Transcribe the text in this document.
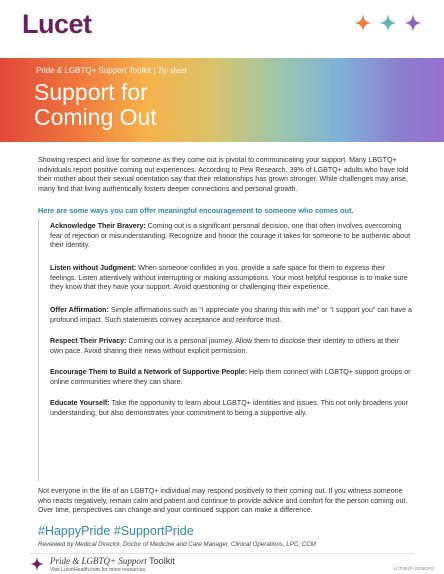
Lucet
Pride & LGBTQ+ Support Toolkit | Tip sheet
Support for
Coming Out
Showing respect and love for someone as they come out is pivotal to communicating your support. Many LBGTQ+ individuals report positive coming out experiences. According to Pew Research, 39% of LGBTQ+ adults who have told their mother about their sexual orientation say that their relationships has grown stronger. While challenges may arise, many find that living authentically fosters deeper connections and personal growth.
Here are some ways you can offer meaningful encouragement to someone who comes out.
Acknowledge Their Bravery: Coming out is a significant personal decision, one that often involves overcoming fear of rejection or misunderstanding. Recognize and honor the courage it takes for someone to be authentic about their identity.
Listen without Judgment: When someone confides in you, provide a safe space for them to express their feelings. Listen attentively without interrupting or making assumptions. Your most helpful response is to make sure they know that they have your support. Avoid questioning or challenging their experience.
Offer Affirmation: Simple affirmations such as “I appreciate you sharing this with me” or “I support you” can have a profound impact. Such statements convey acceptance and reinforce trust.
Respect Their Privacy: Coming out is a personal journey. Allow them to disclose their identity to others at their own pace. Avoid sharing their news without explicit permission.
Encourage Them to Build a Network of Supportive People: Help them connect with LGBTQ+ support groups or online communities where they can share.
Educate Yourself: Take the opportunity to learn about LGBTQ+ identities and issues. This not only broadens your understanding, but also demonstrates your commitment to being a supportive ally.
Not everyone in the life of an LGBTQ+ individual may respond positively to their coming out. If you witness someone who reacts negatively, remain calm and patient and continue to provide advice and comfort for the person coming out. Over time, perspectives can change and your continued support can make a difference.
#HappyPride #SupportPride
Reviewed by Medical Director, Doctor of Medicine and Care Manager, Clinical Operations, LPC, CCM
Pride & LGBTQ+ Support Toolkit
Visit LucetHealth.com for more resources.	LCT001P-2025CPG
